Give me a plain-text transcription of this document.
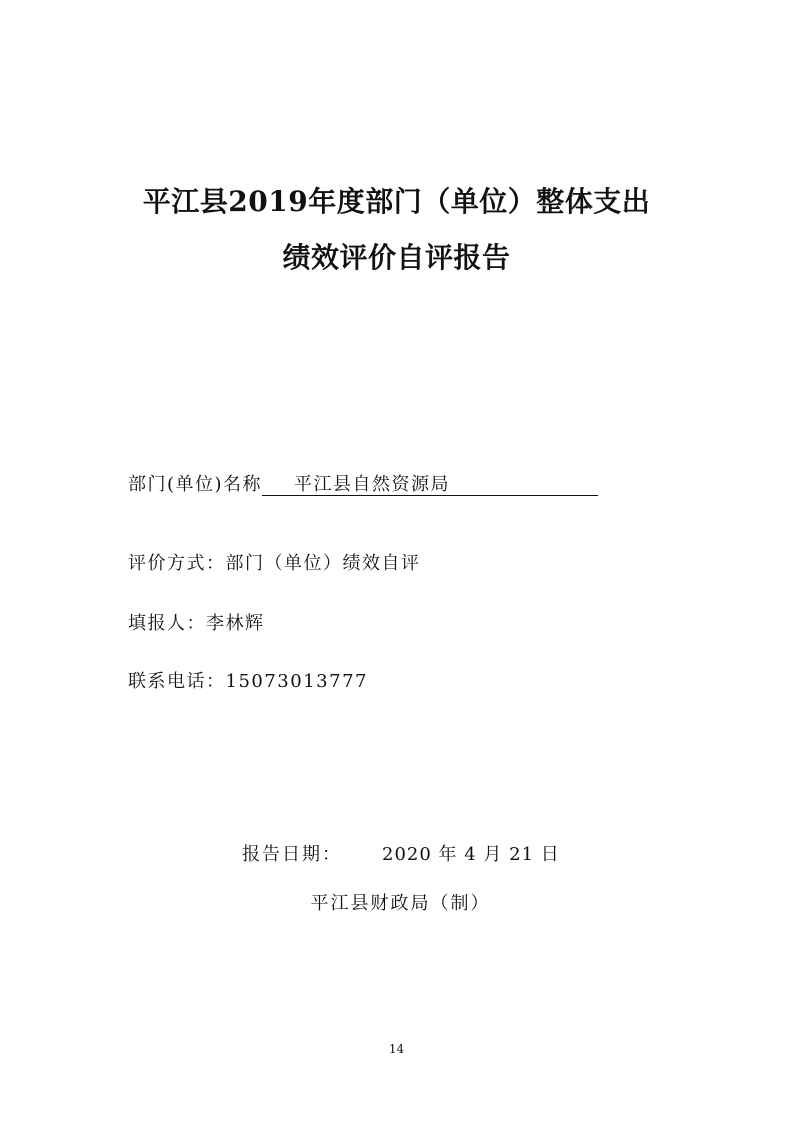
平江县2019年度部门（单位）整体支出
绩效评价自评报告
部门(单位)名称 平江县自然资源局
评价方式：部门（单位）绩效自评
填报人：李林辉
联系电话：15073013777
报告日期： 2020 年 4 月 21 日
平江县财政局（制）
14
